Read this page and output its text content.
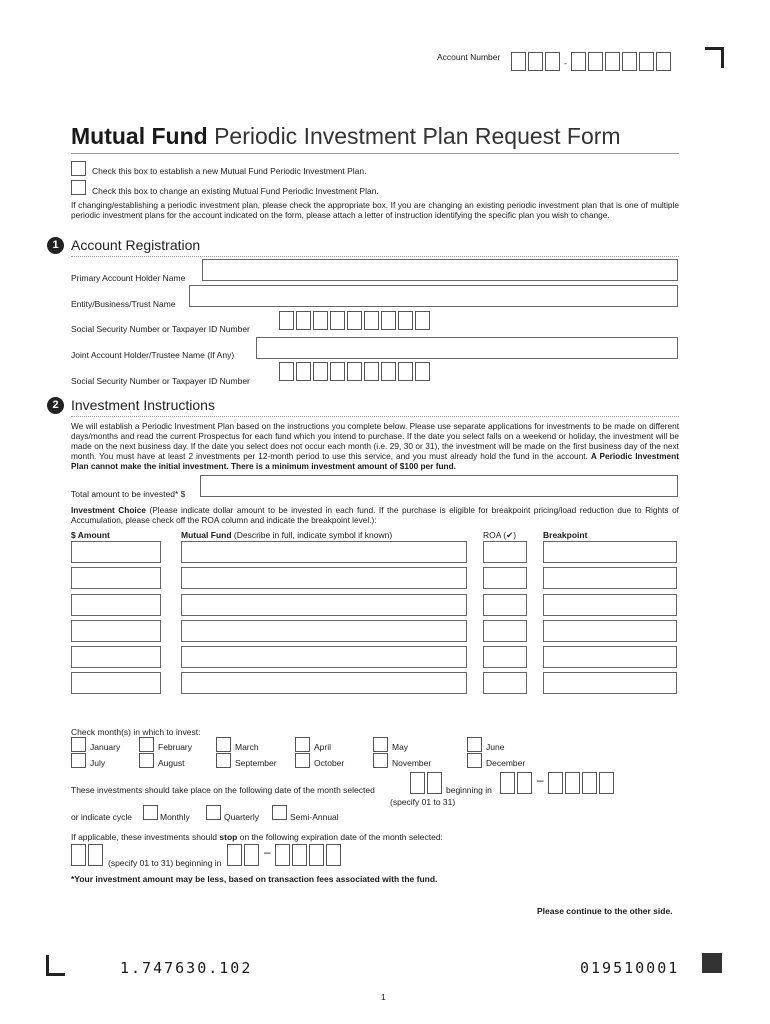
Account Number
-
Mutual Fund Periodic Investment Plan Request Form
Check this box to establish a new Mutual Fund Periodic Investment Plan.
Check this box to change an existing Mutual Fund Periodic Investment Plan.
If changing/establishing a periodic investment plan, please check the appropriate box. If you are changing an existing periodic investment plan that is one of multiple periodic investment plans for the account indicated on the form, please attach a letter of instruction identifying the specific plan you wish to change.
1 Account Registration
Primary Account Holder Name
Entity/Business/Trust Name
Social Security Number or Taxpayer ID Number
Joint Account Holder/Trustee Name (If Any)
Social Security Number or Taxpayer ID Number
2 Investment Instructions
We will establish a Periodic Investment Plan based on the instructions you complete below. Please use separate applications for investments to be made on different days/months and read the current Prospectus for each fund which you intend to purchase. If the date you select falls on a weekend or holiday, the investment will be made on the next business day. If the date you select does not occur each month (i.e. 29, 30 or 31), the investment will be made on the first business day of the next month. You must have at least 2 investments per 12-month period to use this service, and you must already hold the fund in the account. A Periodic Investment Plan cannot make the initial investment. There is a minimum investment amount of $100 per fund.
Total amount to be invested* $
Investment Choice (Please indicate dollar amount to be invested in each fund. If the purchase is eligible for breakpoint pricing/load reduction due to Rights of Accumulation, please check off the ROA column and indicate the breakpoint level.):
$ Amount	Mutual Fund (Describe in full, indicate symbol if known)	ROA (✔)	Breakpoint
Check month(s) in which to invest:
January	February	March	April	May	June
July	August	September	October	November	December
These investments should take place on the following date of the month selected
(specify 01 to 31)
beginning in
–
or indicate cycle	Monthly	Quarterly	Semi-Annual
If applicable, these investments should stop on the following expiration date of the month selected:
(specify 01 to 31) beginning in
–
*Your investment amount may be less, based on transaction fees associated with the fund.
Please continue to the other side.
1.747630.102	019510001
1
